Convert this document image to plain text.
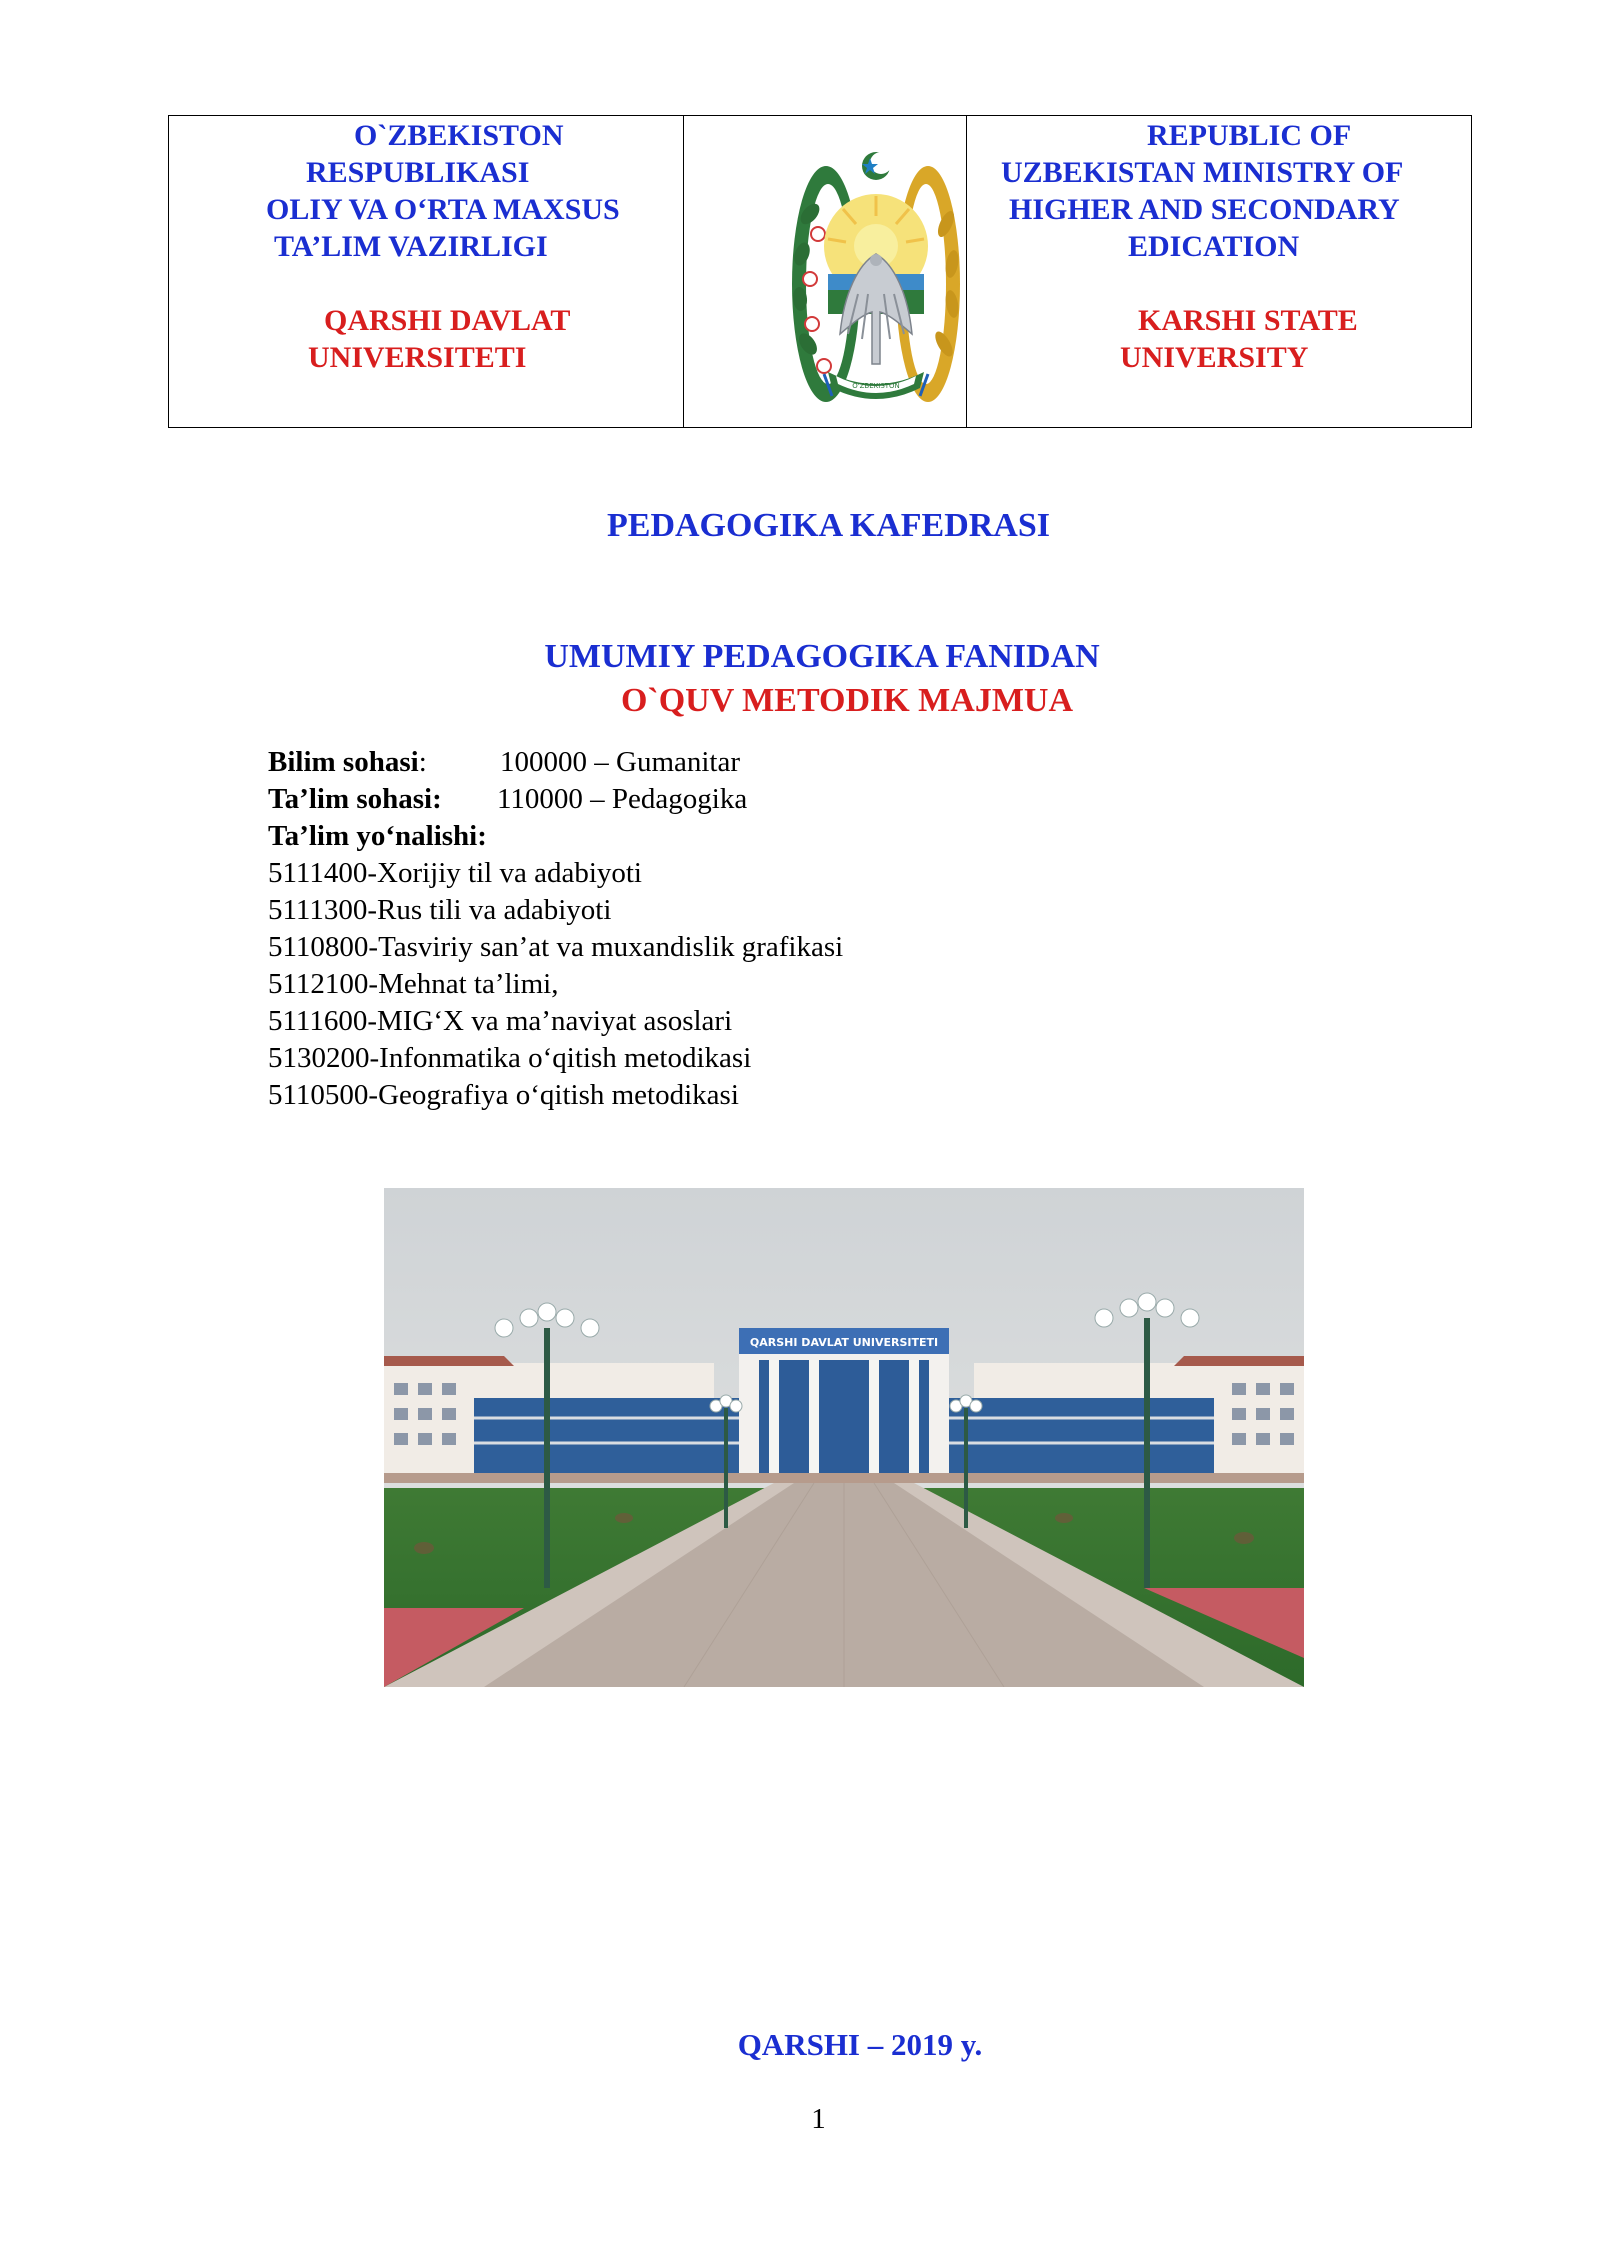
O`ZBEKISTON
RESPUBLIKASI
OLIY VA O‘RTA MAXSUS
TA’LIM VAZIRLIGI
QARSHI DAVLAT
UNIVERSITETI
O'ZBEKISTON
REPUBLIC OF
UZBEKISTAN MINISTRY OF
HIGHER AND SECONDARY
EDICATION
KARSHI STATE
UNIVERSITY
PEDAGOGIKA KAFEDRASI
UMUMIY PEDAGOGIKA FANIDAN
O`QUV METODIK MAJMUA
Bilim sohasi:	100000 – Gumanitar
Ta’lim sohasi: 110000 – Pedagogika
Ta’lim yo‘nalishi:
5111400-Xorijiy til va adabiyoti
5111300-Rus tili va adabiyoti
5110800-Tasviriy san’at va muxandislik grafikasi
5112100-Mehnat ta’limi,
5111600-MIG‘X va ma’naviyat asoslari
5130200-Infonmatika o‘qitish metodikasi
5110500-Geografiya o‘qitish metodikasi
QARSHI DAVLAT UNIVERSITETI
QARSHI – 2019 y.
1
